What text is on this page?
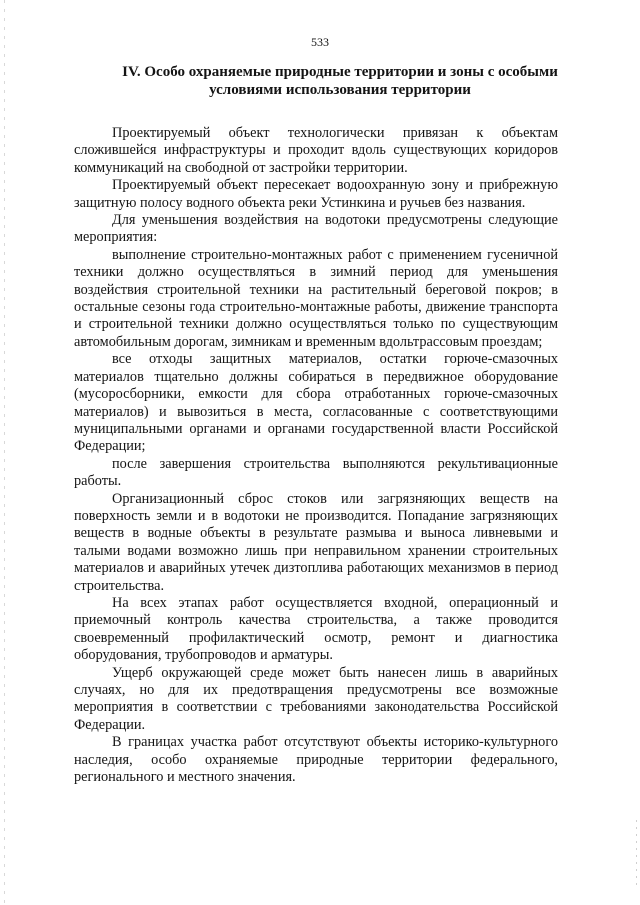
533
IV. Особо охраняемые природные территории и зоны с особыми
условиями использования территории

Проектируемый объект технологически привязан к объектам сложившейся инфраструктуры и проходит вдоль существующих коридоров коммуникаций на свободной от застройки территории.

Проектируемый объект пересекает водоохранную зону и прибрежную защитную полосу водного объекта реки Устинкина и ручьев без названия.

Для уменьшения воздействия на водотоки предусмотрены следующие мероприятия:

выполнение строительно-монтажных работ с применением гусеничной техники должно осуществляться в зимний период для уменьшения воздействия строительной техники на растительный береговой покров; в остальные сезоны года строительно-монтажные работы, движение транспорта и строительной техники должно осуществляться только по существующим автомобильным дорогам, зимникам и временным вдольтрассовым проездам;

все отходы защитных материалов, остатки горюче-смазочных материалов тщательно должны собираться в передвижное оборудование (мусоросборники, емкости для сбора отработанных горюче-смазочных материалов) и вывозиться в места, согласованные с соответствующими муниципальными органами и органами государственной власти Российской Федерации;

после завершения строительства выполняются рекультивационные работы.

Организационный сброс стоков или загрязняющих веществ на поверхность земли и в водотоки не производится. Попадание загрязняющих веществ в водные объекты в результате размыва и выноса ливневыми и талыми водами возможно лишь при неправильном хранении строительных материалов и аварийных утечек дизтоплива работающих механизмов в период строительства.

На всех этапах работ осуществляется входной, операционный и приемочный контроль качества строительства, а также проводится своевременный профилактический осмотр, ремонт и диагностика оборудования, трубопроводов и арматуры.

Ущерб окружающей среде может быть нанесен лишь в аварийных случаях, но для их предотвращения предусмотрены все возможные мероприятия в соответствии с требованиями законодательства Российской Федерации.

В границах участка работ отсутствуют объекты историко-культурного наследия, особо охраняемые природные территории федерального, регионального и местного значения.
